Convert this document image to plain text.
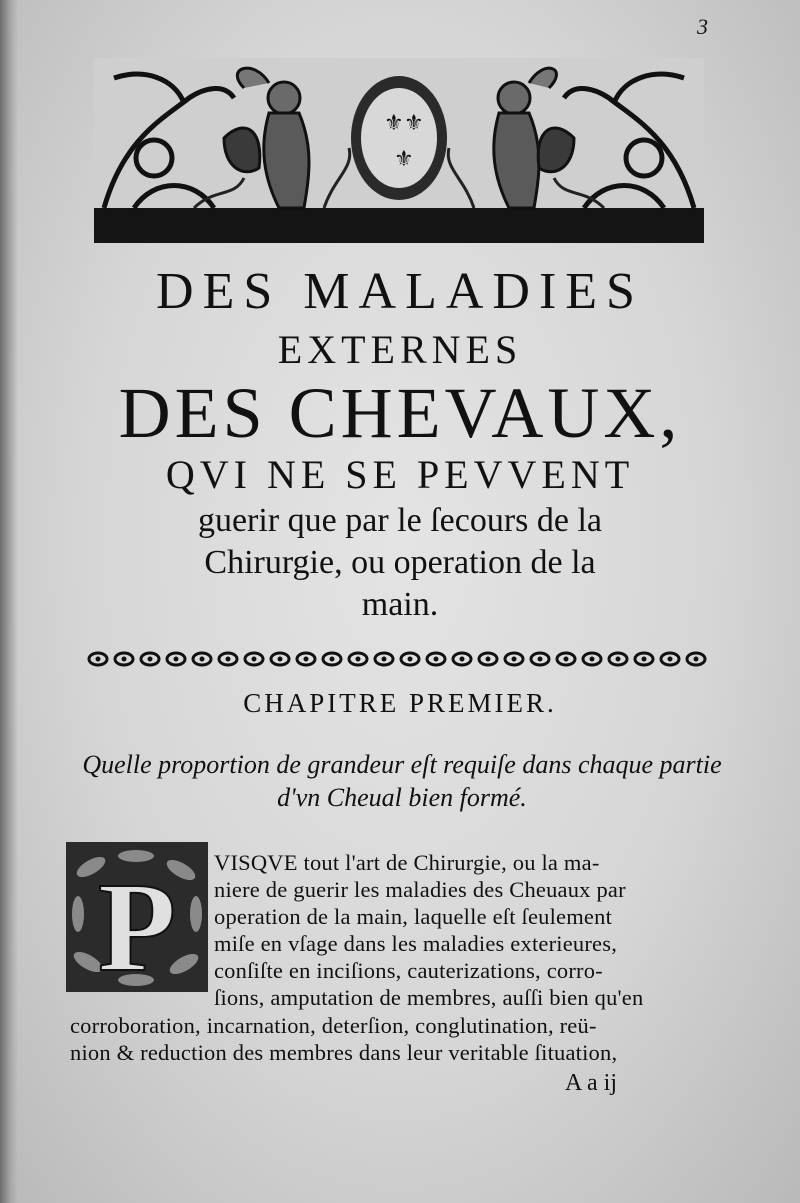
3
⚜ ⚜
⚜
DES MALADIES
EXTERNES
DES CHEVAUX,
QVI NE SE PEVVENT
guerir que par le ſecours de la
Chirurgie, ou operation de la
main.
CHAPITRE PREMIER.
Quelle proportion de grandeur eſt requiſe dans chaque partie
d'vn Cheual bien formé.
P VISQVE tout l'art de Chirurgie, ou la ma-
niere de guerir les maladies des Cheuaux par
operation de la main, laquelle eſt ſeulement
miſe en vſage dans les maladies exterieures,
conſiſte en inciſions, cauterizations, corro-
ſions, amputation de membres, auſſi bien qu'en
corroboration, incarnation, deterſion, conglutination, reü-
nion & reduction des membres dans leur veritable ſituation,
A a ij
